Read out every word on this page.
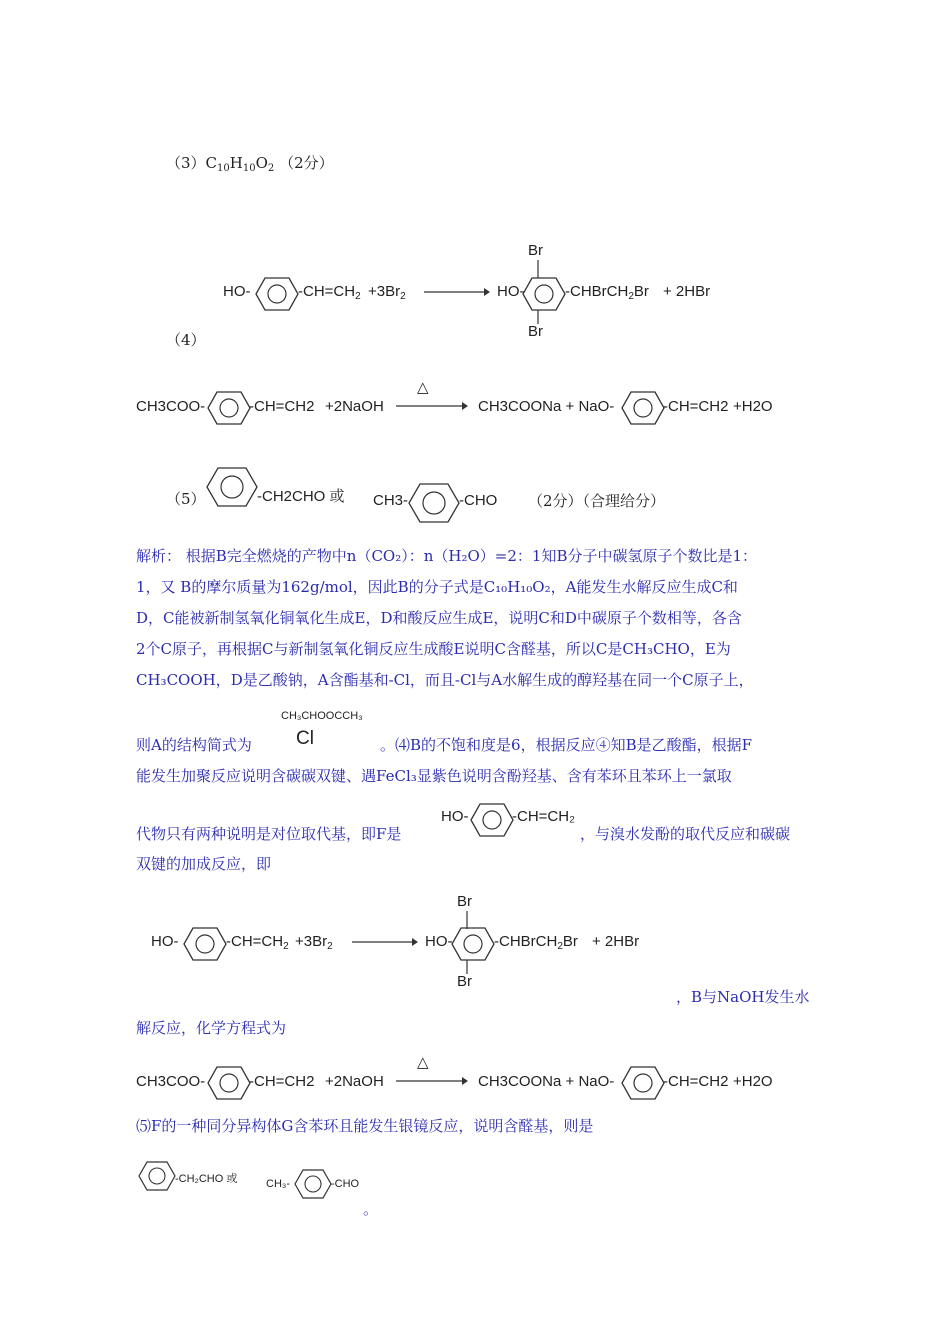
$(3)C_{10}H_{10}O_2$ （2分）
HO-	$-CH=CH_2 +3Br_2$
Br
HO-
Br
-CHBrCH$_2$Br + 2HBr
（4）
CH3COO-	-CH=CH2 +2NaOH
△
CH3COONa + NaO-	-CH=CH2 +H2O
（5）	-CH2CHO 或 CH3-	-CHO （2分）（合理给分）
解析： 根据B完全燃烧的产物中n（CO₂）：n（H₂O）=2：1知B分子中碳氢原子个数比是1：
1，又 B的摩尔质量为162g/mol，因此B的分子式是C₁₀H₁₀O₂，A能发生水解反应生成C和
D，C能被新制氢氧化铜氧化生成E，D和酸反应生成E，说明C和D中碳原子个数相等，各含
2个C原子，再根据C与新制氢氧化铜反应生成酸E说明C含醛基，所以C是CH₃CHO，E为
CH₃COOH，D是乙酸钠，A含酯基和-Cl，而且-Cl与A水解生成的醇羟基在同一个C原子上，
则A的结构简式为
CH₃CHOOCCH₃
Cl	。⑷B的不饱和度是6，根据反应④知B是乙酸酯，根据F
能发生加聚反应说明含碳碳双键、遇FeCl₃显紫色说明含酚羟基、含有苯环且苯环上一氯取
代物只有两种说明是对位取代基，即F是
HO-	-CH=CH₂
，与溴水发酚的取代反应和碳碳
双键的加成反应，即
Br
HO-	$-CH=CH_2 +3Br_2$	HO-
Br
-CHBrCH$_2$Br + 2HBr
，B与NaOH发生水
解反应，化学方程式为
CH3COO-	-CH=CH2 +2NaOH
△
CH3COONa + NaO-	-CH=CH2 +H2O
⑸F的一种同分异构体G含苯环且能发生银镜反应，说明含醛基，则是
-CH₂CHO 或	CH₃-	-CHO
。
